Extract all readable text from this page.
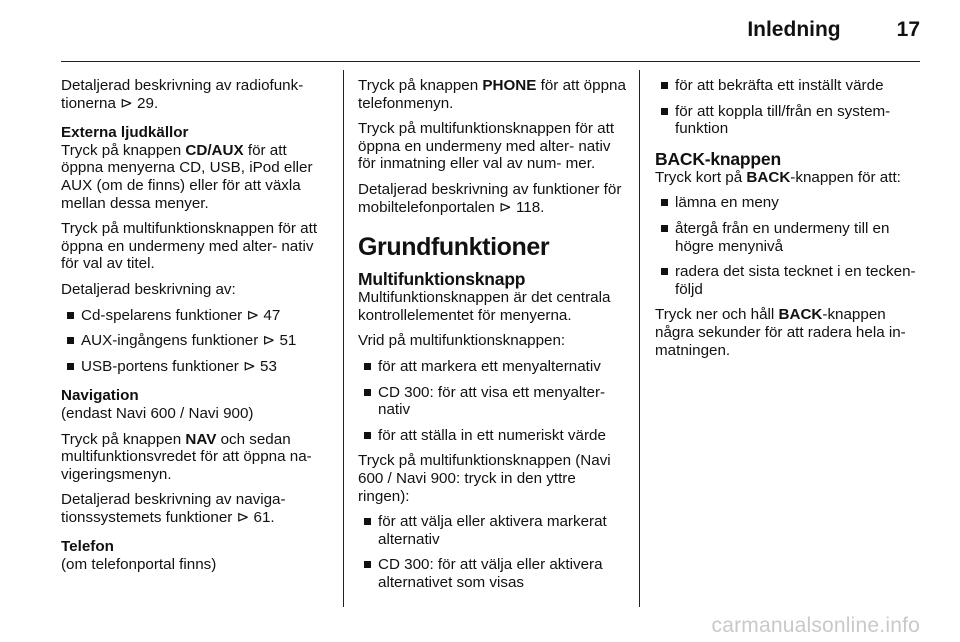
Inledning	17

Detaljerad beskrivning av radiofunk- tionerna ⊳ 29.

Externa ljudkällor

Tryck på knappen CD/AUX för att öppna menyerna CD, USB, iPod eller AUX (om de finns) eller för att växla mellan dessa menyer.

Tryck på multifunktionsknappen för att öppna en undermeny med alter- nativ för val av titel.

Detaljerad beskrivning av:

Cd-spelarens funktioner ⊳ 47
AUX-ingångens funktioner ⊳ 51
USB-portens funktioner ⊳ 53
Navigation

(endast Navi 600 / Navi 900)

Tryck på knappen NAV och sedan multifunktionsvredet för att öppna na- vigeringsmenyn.

Detaljerad beskrivning av naviga- tionssystemets funktioner ⊳ 61.

Telefon

(om telefonportal finns)

Tryck på knappen PHONE för att öppna telefonmenyn.

Tryck på multifunktionsknappen för att öppna en undermeny med alter- nativ för inmatning eller val av num- mer.

Detaljerad beskrivning av funktioner för mobiltelefonportalen ⊳ 118.

Grundfunktioner
Multifunktionsknapp

Multifunktionsknappen är det centrala kontrollelementet för menyerna.

Vrid på multifunktionsknappen:

för att markera ett menyalternativ
CD 300: för att visa ett menyalter- nativ
för att ställa in ett numeriskt värde

Tryck på multifunktionsknappen (Navi 600 / Navi 900: tryck in den yttre ringen):

för att välja eller aktivera markerat alternativ
CD 300: för att välja eller aktivera alternativet som visas
för att bekräfta ett inställt värde
för att koppla till/från en system- funktion
BACK-knappen

Tryck kort på BACK-knappen för att:

lämna en meny
återgå från en undermeny till en högre menynivå
radera det sista tecknet i en tecken- följd

Tryck ner och håll BACK-knappen några sekunder för att radera hela in- matningen.

carmanualsonline.info
